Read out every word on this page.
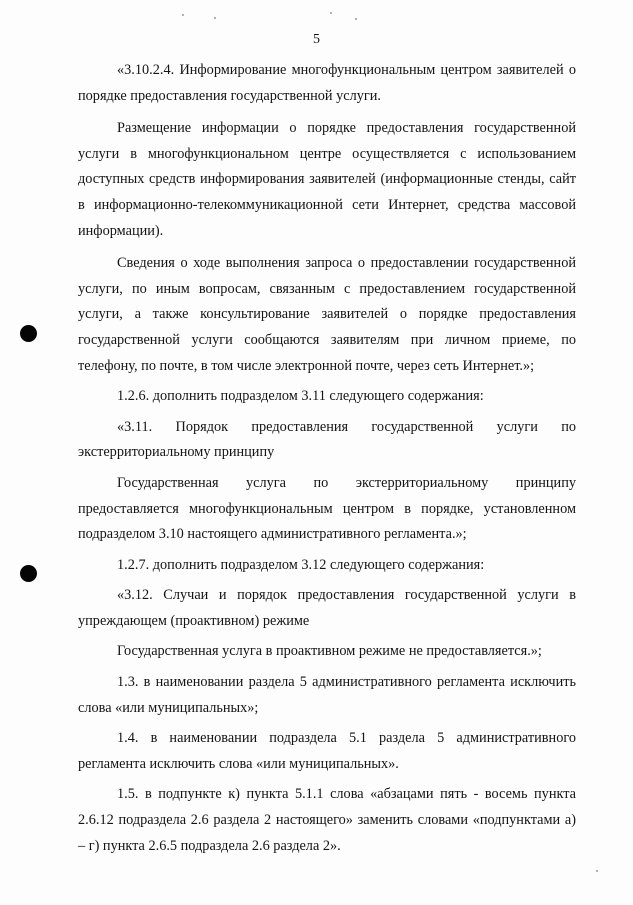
5

«3.10.2.4. Информирование многофункциональным центром заявителей о порядке предоставления государственной услуги.

Размещение информации о порядке предоставления государственной услуги в многофункциональном центре осуществляется с использованием доступных средств информирования заявителей (информационные стенды, сайт в информационно-телекоммуникационной сети Интернет, средства массовой информации).

Сведения о ходе выполнения запроса о предоставлении государственной услуги, по иным вопросам, связанным с предоставлением государственной услуги, а также консультирование заявителей о порядке предоставления государственной услуги сообщаются заявителям при личном приеме, по телефону, по почте, в том числе электронной почте, через сеть Интернет.»;

1.2.6. дополнить подразделом 3.11 следующего содержания:

«3.11. Порядок предоставления государственной услуги по экстерриториальному принципу

Государственная услуга по экстерриториальному принципу предоставляется многофункциональным центром в порядке, установленном подразделом 3.10 настоящего административного регламента.»;

1.2.7. дополнить подразделом 3.12 следующего содержания:

«3.12. Случаи и порядок предоставления государственной услуги в упреждающем (проактивном) режиме

Государственная услуга в проактивном режиме не предоставляется.»;

1.3. в наименовании раздела 5 административного регламента исключить слова «или муниципальных»;

1.4. в наименовании подраздела 5.1 раздела 5 административного регламента исключить слова «или муниципальных».

1.5. в подпункте к) пункта 5.1.1 слова «абзацами пять - восемь пункта 2.6.12 подраздела 2.6 раздела 2 настоящего» заменить словами «подпунктами а) – г) пункта 2.6.5 подраздела 2.6 раздела 2».
